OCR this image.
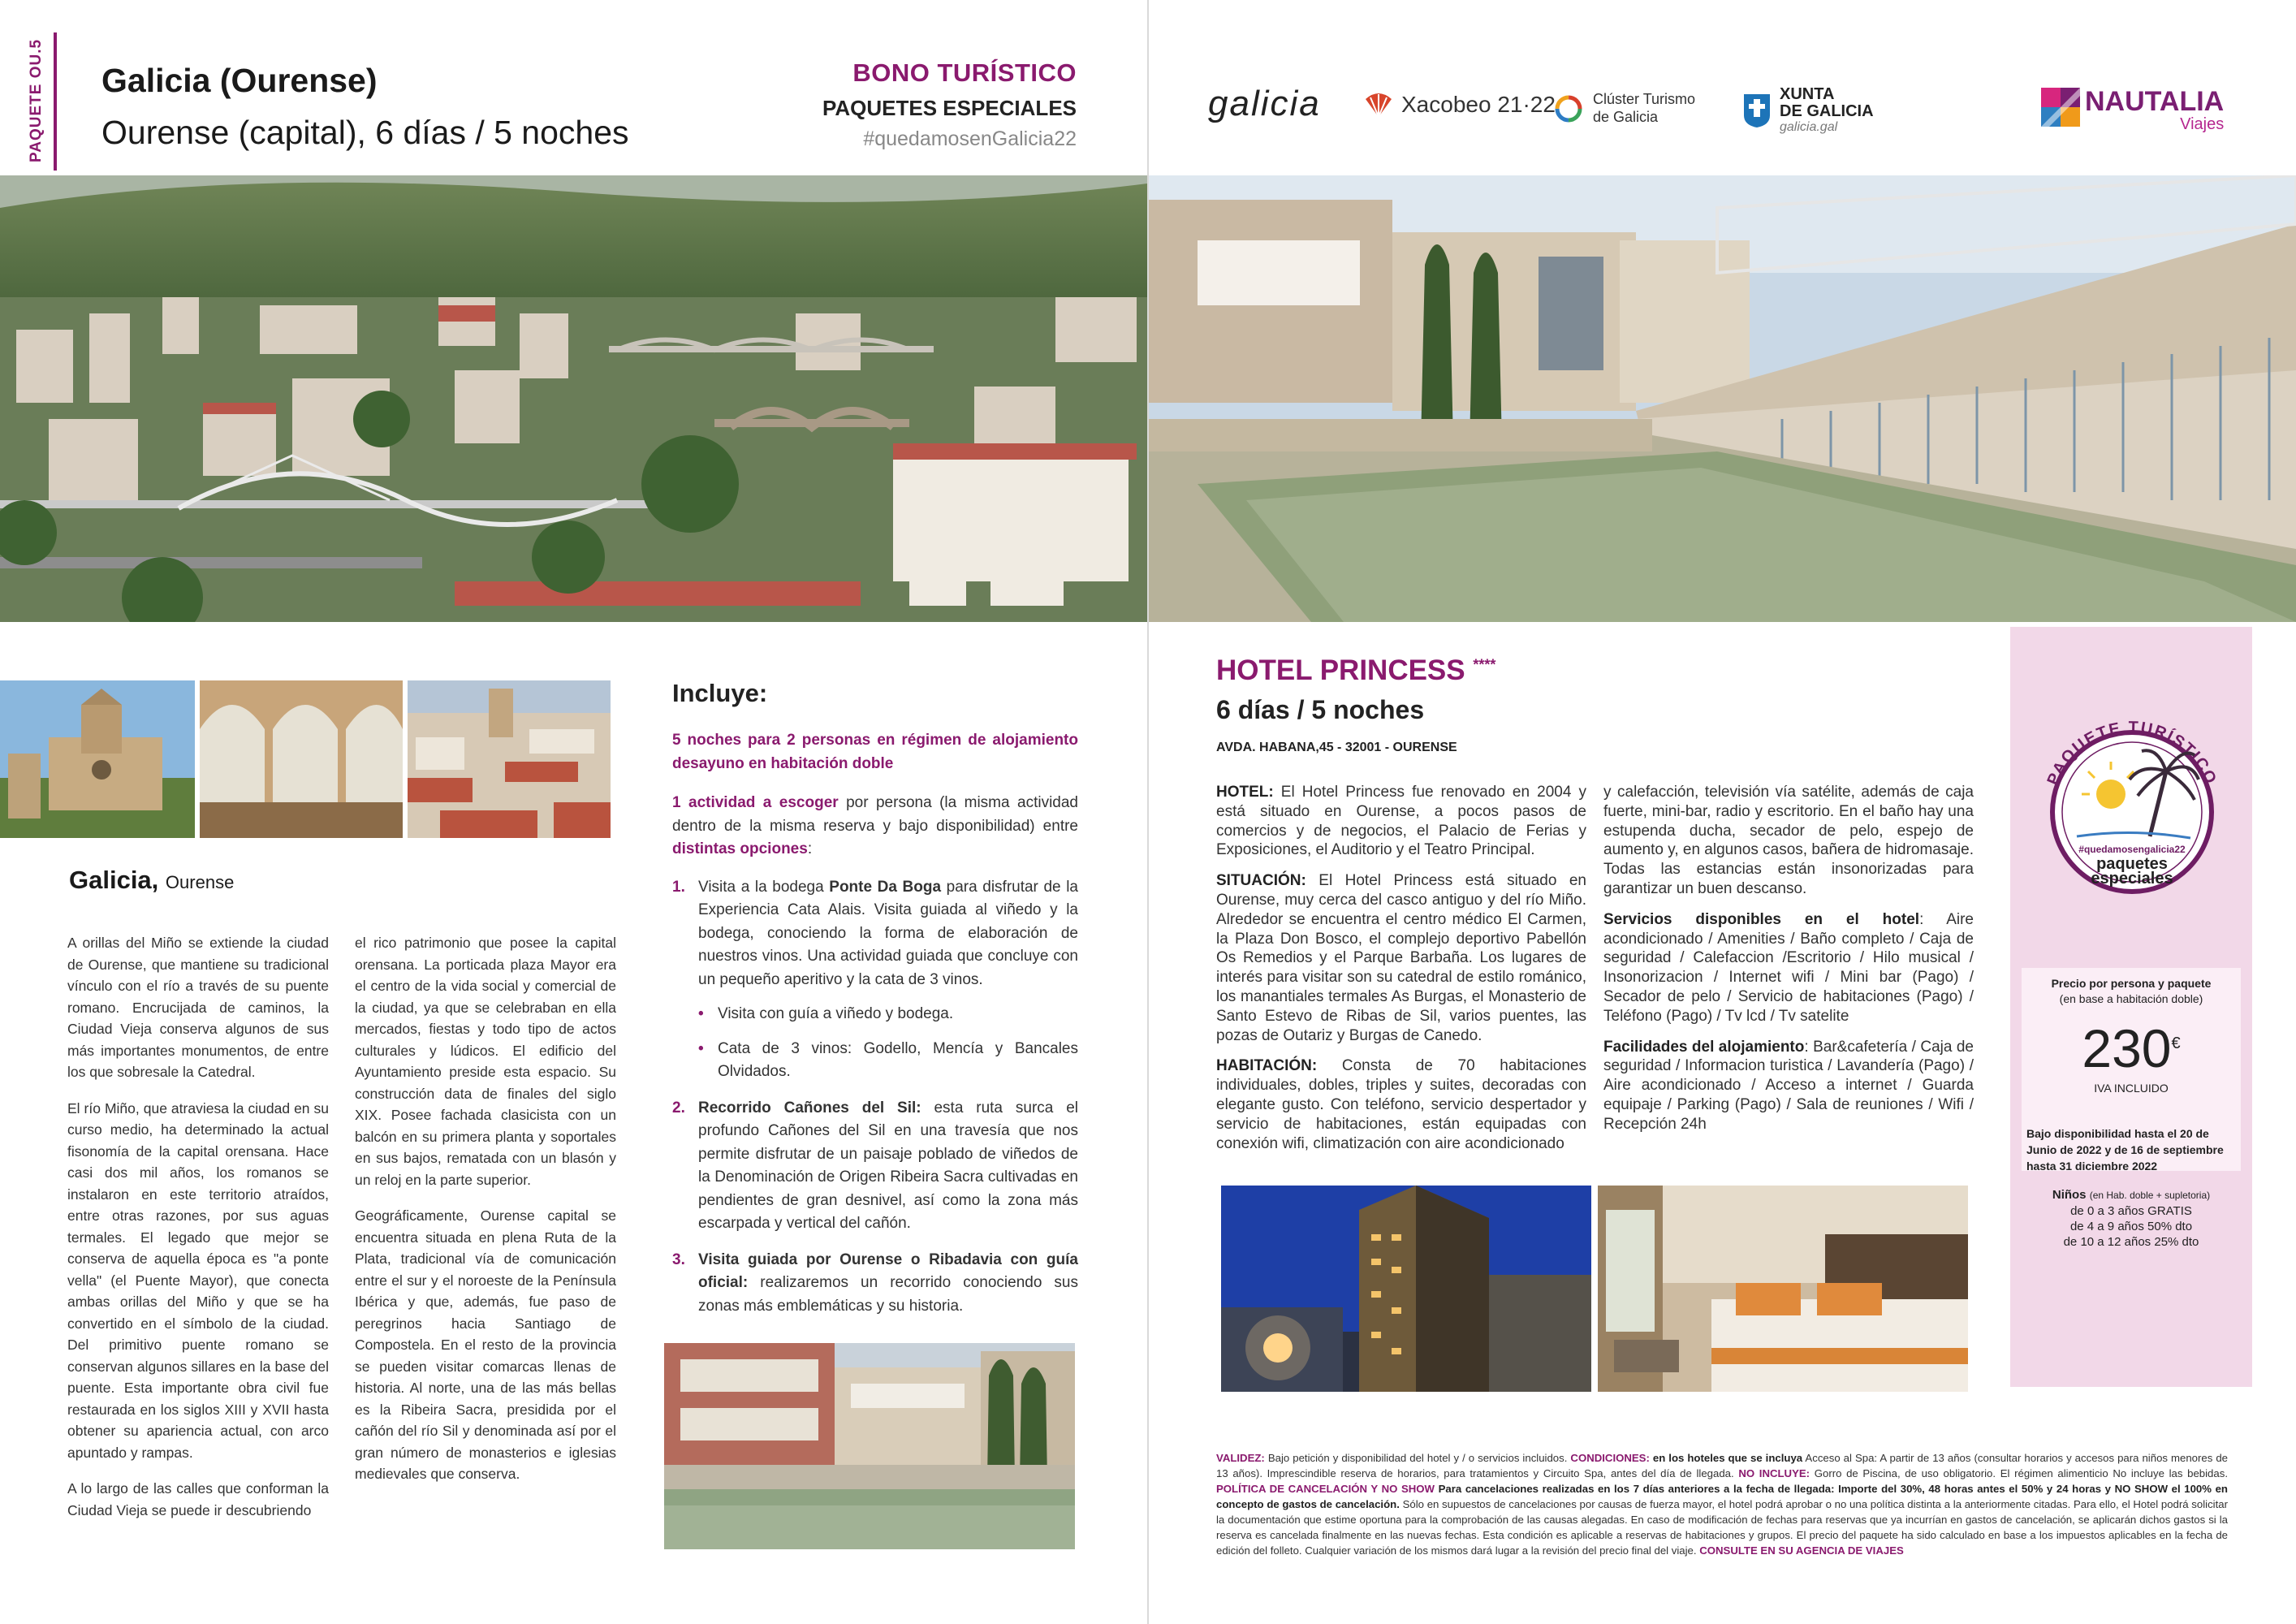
PAQUETE OU.5 Galicia (Ourense)
Ourense (capital), 6 días / 5 noches
BONO TURÍSTICO
PAQUETES ESPECIALES
#quedamosenGalicia22
galicia	Xacobeo 21·22	Clúster Turismo
de Galicia
XUNTA
DE GALICIA
galicia.gal
NAUTALIA
Viajes
Galicia, Ourense

A orillas del Miño se extiende la ciudad de Ourense, que mantiene su tradicional vínculo con el río a través de su puente romano. Encrucijada de caminos, la Ciudad Vieja conserva algunos de sus más importantes monumentos, de entre los que sobresale la Catedral.

El río Miño, que atraviesa la ciudad en su curso medio, ha determinado la actual fisonomía de la capital orensana. Hace casi dos mil años, los romanos se instalaron en este territorio atraídos, entre otras razones, por sus aguas termales. El legado que mejor se conserva de aquella época es "a ponte vella" (el Puente Mayor), que conecta ambas orillas del Miño y que se ha convertido en el símbolo de la ciudad. Del primitivo puente romano se conservan algunos sillares en la base del puente. Esta importante obra civil fue restaurada en los siglos XIII y XVII hasta obtener su apariencia actual, con arco apuntado y rampas.

A lo largo de las calles que conforman la Ciudad Vieja se puede ir descubriendo

el rico patrimonio que posee la capital orensana. La porticada plaza Mayor era el centro de la vida social y comercial de la ciudad, ya que se celebraban en ella mercados, fiestas y todo tipo de actos culturales y lúdicos. El edificio del Ayuntamiento preside esta espacio. Su construcción data de finales del siglo XIX. Posee fachada clasicista con un balcón en su primera planta y soportales en sus bajos, rematada con un blasón y un reloj en la parte superior.

Geográficamente, Ourense capital se encuentra situada en plena Ruta de la Plata, tradicional vía de comunicación entre el sur y el noroeste de la Península Ibérica y que, además, fue paso de peregrinos hacia Santiago de Compostela. En el resto de la provincia se pueden visitar comarcas llenas de historia. Al norte, una de las más bellas es la Ribeira Sacra, presidida por el cañón del río Sil y denominada así por el gran número de monasterios e iglesias medievales que conserva.

Incluye:
5 noches para 2 personas en régimen de alojamiento desayuno en habitación doble
1 actividad a escoger por persona (la misma actividad dentro de la misma reserva y bajo disponibilidad) entre distintas opciones:
1. Visita a la bodega Ponte Da Boga para disfrutar de la Experiencia Cata Alais. Visita guiada al viñedo y la bodega, conociendo la forma de elaboración de nuestros vinos. Una actividad guiada que concluye con un pequeño aperitivo y la cata de 3 vinos.
• Visita con guía a viñedo y bodega.
• Cata de 3 vinos: Godello, Mencía y Bancales Olvidados.
2. Recorrido Cañones del Sil: esta ruta surca el profundo Cañones del Sil en una travesía que nos permite disfrutar de un paisaje poblado de viñedos de la Denominación de Origen Ribeira Sacra cultivadas en pendientes de gran desnivel, así como la zona más escarpada y vertical del cañón.
3. Visita guiada por Ourense o Ribadavia con guía oficial: realizaremos un recorrido conociendo sus zonas más emblemáticas y su historia.
HOTEL PRINCESS ****
6 días / 5 noches
AVDA. HABANA,45 - 32001 - OURENSE

HOTEL: El Hotel Princess fue renovado en 2004 y está situado en Ourense, a pocos pasos de comercios y de negocios, el Palacio de Ferias y Exposiciones, el Auditorio y el Teatro Principal.

SITUACIÓN: El Hotel Princess está situado en Ourense, muy cerca del casco antiguo y del río Miño. Alrededor se encuentra el centro médico El Carmen, la Plaza Don Bosco, el complejo deportivo Pabellón Os Remedios y el Parque Barbaña. Los lugares de interés para visitar son su catedral de estilo románico, los manantiales termales As Burgas, el Monasterio de Santo Estevo de Ribas de Sil, varios puentes, las pozas de Outariz y Burgas de Canedo.

HABITACIÓN: Consta de 70 habitaciones individuales, dobles, triples y suites, decoradas con elegante gusto. Con teléfono, servicio despertador y servicio de habitaciones, están equipadas con conexión wifi, climatización con aire acondicionado

y calefacción, televisión vía satélite, además de caja fuerte, mini-bar, radio y escritorio. En el baño hay una estupenda ducha, secador de pelo, espejo de aumento y, en algunos casos, bañera de hidromasaje. Todas las estancias están insonorizadas para garantizar un buen descanso.

Servicios disponibles en el hotel: Aire acondicionado / Amenities / Baño completo / Caja de seguridad / Calefaccion /Escritorio / Hilo musical / Insonorizacion / Internet wifi / Mini bar (Pago) / Secador de pelo / Servicio de habitaciones (Pago) / Teléfono (Pago) / Tv lcd / Tv satelite

Facilidades del alojamiento: Bar&cafetería / Caja de seguridad / Informacion turistica / Lavandería (Pago) / Aire acondicionado / Acceso a internet / Guarda equipaje / Parking (Pago) / Sala de reuniones / Wifi / Recepción 24h

PAQUETE TURÍSTICO
#quedamosengalicia22
paquetes
especiales
Precio por persona y paquete
(en base a habitación doble)
230€
IVA INCLUIDO
Bajo disponibilidad hasta el 20 de Junio de 2022 y de 16 de septiembre hasta 31 diciembre 2022
Niños (en Hab. doble + supletoria)
de 0 a 3 años GRATIS
de 4 a 9 años 50% dto
de 10 a 12 años 25% dto
VALIDEZ: Bajo petición y disponibilidad del hotel y / o servicios incluidos. CONDICIONES: en los hoteles que se incluya Acceso al Spa: A partir de 13 años (consultar horarios y accesos para niños menores de 13 años). Imprescindible reserva de horarios, para tratamientos y Circuito Spa, antes del día de llegada. NO INCLUYE: Gorro de Piscina, de uso obligatorio. El régimen alimenticio No incluye las bebidas. POLÍTICA DE CANCELACIÓN Y NO SHOW Para cancelaciones realizadas en los 7 días anteriores a la fecha de llegada: Importe del 30%, 48 horas antes el 50% y 24 horas y NO SHOW el 100% en concepto de gastos de cancelación. Sólo en supuestos de cancelaciones por causas de fuerza mayor, el hotel podrá aprobar o no una política distinta a la anteriormente citadas. Para ello, el Hotel podrá solicitar la documentación que estime oportuna para la comprobación de las causas alegadas. En caso de modificación de fechas para reservas que ya incurrían en gastos de cancelación, se aplicarán dichos gastos si la reserva es cancelada finalmente en las nuevas fechas. Esta condición es aplicable a reservas de habitaciones y grupos. El precio del paquete ha sido calculado en base a los impuestos aplicables en la fecha de edición del folleto. Cualquier variación de los mismos dará lugar a la revisión del precio final del viaje. CONSULTE EN SU AGENCIA DE VIAJES
